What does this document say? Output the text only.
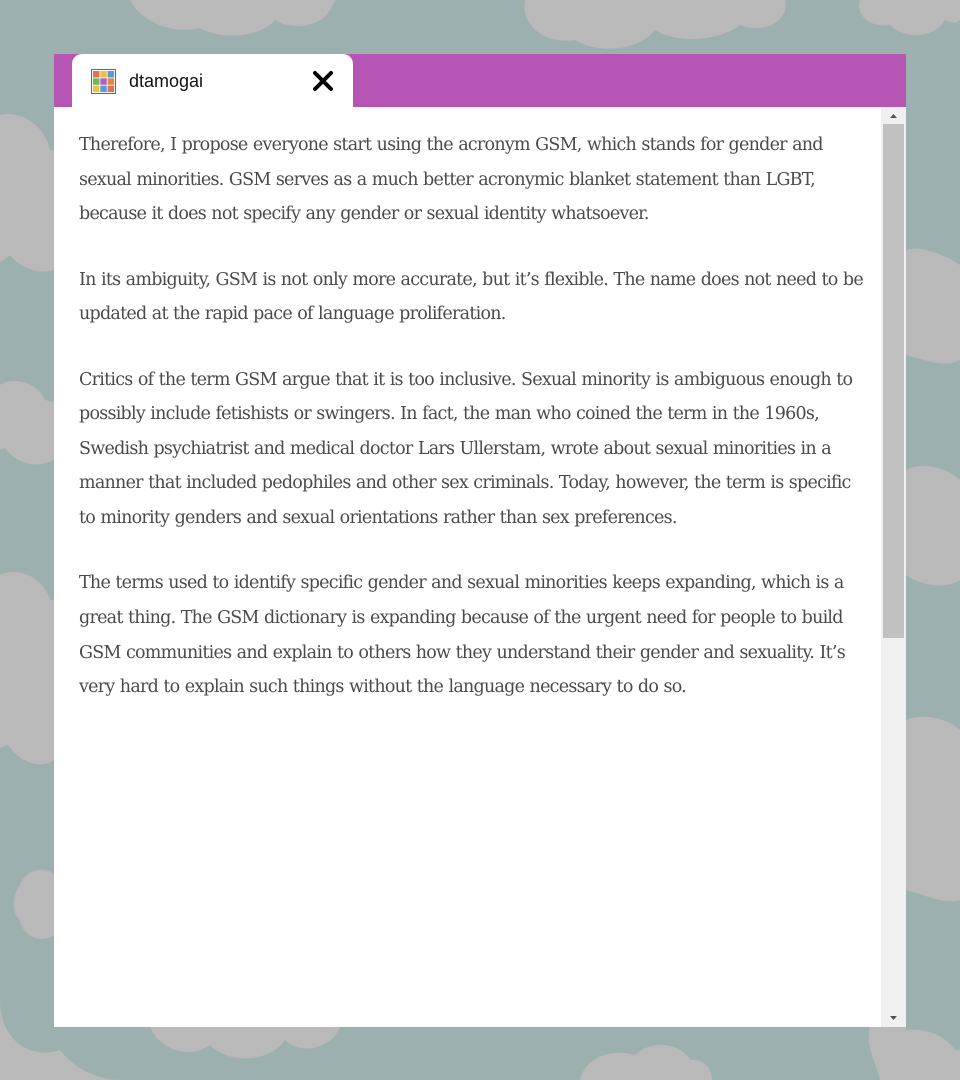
dtamogai

Therefore, I propose everyone start using the acronym GSM, which stands for gender and sexual minorities. GSM serves as a much better acronymic blanket statement than LGBT, because it does not specify any gender or sexual identity whatsoever.

In its ambiguity, GSM is not only more accurate, but it’s flexible. The name does not need to be updated at the rapid pace of language proliferation.

Critics of the term GSM argue that it is too inclusive. Sexual minority is ambiguous enough to possibly include fetishists or swingers. In fact, the man who coined the term in the 1960s, Swedish psychiatrist and medical doctor Lars Ullerstam, wrote about sexual minorities in a manner that included pedophiles and other sex criminals. Today, however, the term is specific to minority genders and sexual orientations rather than sex preferences.

The terms used to identify specific gender and sexual minorities keeps expanding, which is a great thing. The GSM dictionary is expanding because of the urgent need for people to build GSM communities and explain to others how they understand their gender and sexuality. It’s very hard to explain such things without the language necessary to do so.
